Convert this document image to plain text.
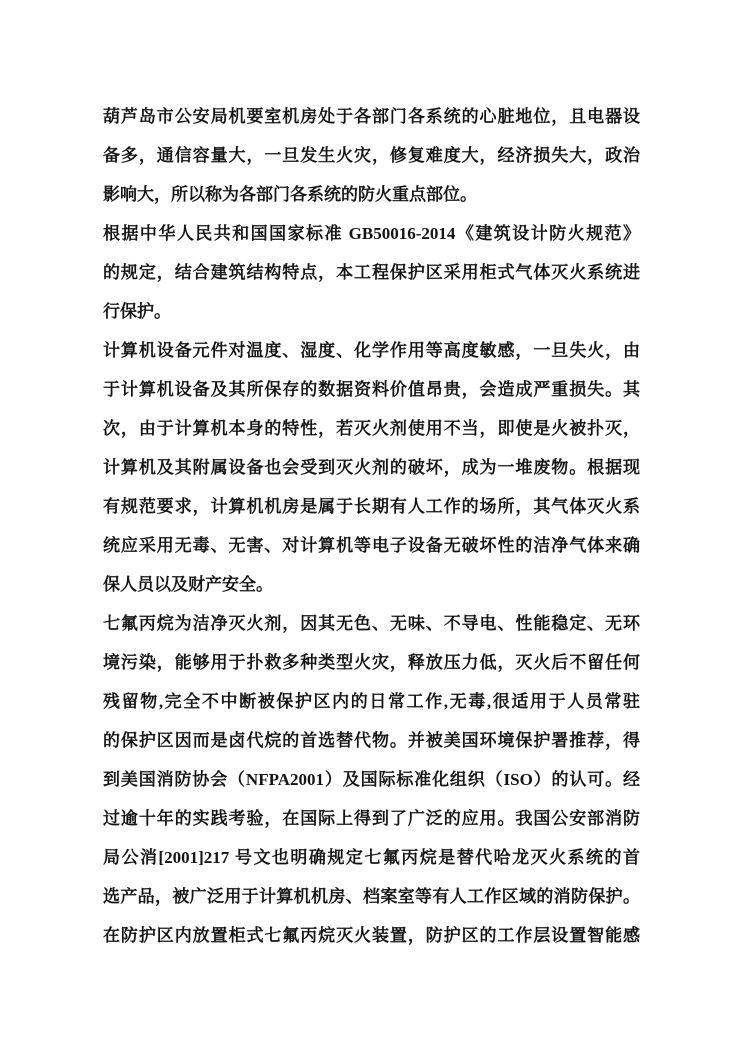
葫芦岛市公安局机要室机房处于各部门各系统的心脏地位，且电器设
备多，通信容量大，一旦发生火灾，修复难度大，经济损失大，政治
影响大，所以称为各部门各系统的防火重点部位。
根据中华人民共和国国家标准 GB50016-2014《建筑设计防火规范》
的规定，结合建筑结构特点，本工程保护区采用柜式气体灭火系统进
行保护。
计算机设备元件对温度、湿度、化学作用等高度敏感，一旦失火，由
于计算机设备及其所保存的数据资料价值昂贵，会造成严重损失。其
次，由于计算机本身的特性，若灭火剂使用不当，即使是火被扑灭，
计算机及其附属设备也会受到灭火剂的破坏，成为一堆废物。根据现
有规范要求，计算机机房是属于长期有人工作的场所，其气体灭火系
统应采用无毒、无害、对计算机等电子设备无破坏性的洁净气体来确
保人员以及财产安全。
七氟丙烷为洁净灭火剂，因其无色、无味、不导电、性能稳定、无环
境污染，能够用于扑救多种类型火灾，释放压力低，灭火后不留任何
残留物,完全不中断被保护区内的日常工作,无毒,很适用于人员常驻
的保护区因而是卤代烷的首选替代物。并被美国环境保护署推荐，得
到美国消防协会（NFPA2001）及国际标准化组织（ISO）的认可。经
过逾十年的实践考验，在国际上得到了广泛的应用。我国公安部消防
局公消[2001]217 号文也明确规定七氟丙烷是替代哈龙灭火系统的首
选产品，被广泛用于计算机机房、档案室等有人工作区域的消防保护。
在防护区内放置柜式七氟丙烷灭火装置，防护区的工作层设置智能感
